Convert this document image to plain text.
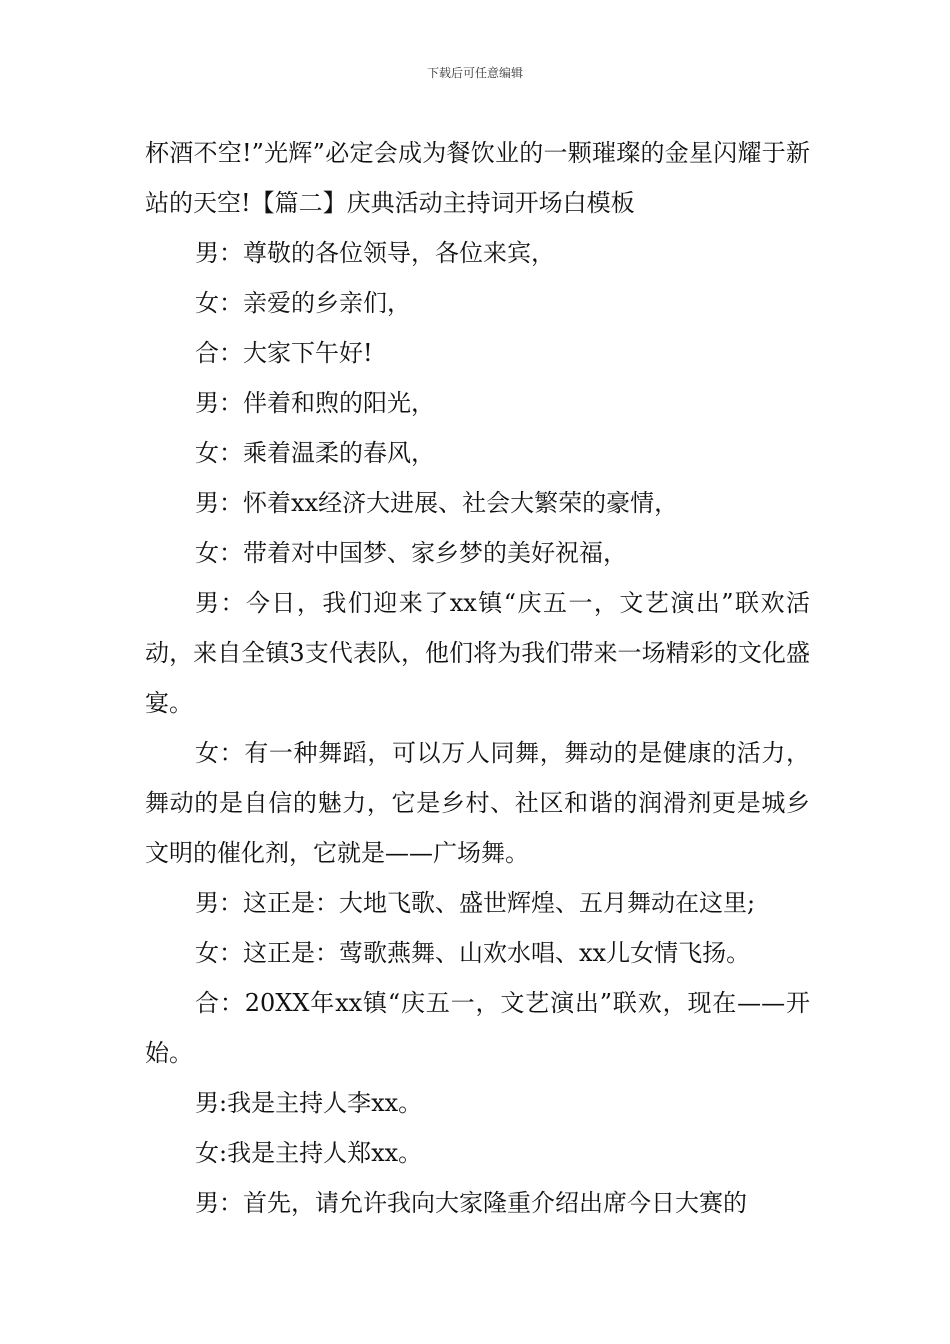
下载后可任意编辑

杯酒不空!”光辉”必定会成为餐饮业的一颗璀璨的金星闪耀于新站的天空!【篇二】庆典活动主持词开场白模板

男：尊敬的各位领导，各位来宾，

女：亲爱的乡亲们，

合：大家下午好!

男：伴着和煦的阳光，

女：乘着温柔的春风，

男：怀着xx经济大进展、社会大繁荣的豪情，

女：带着对中国梦、家乡梦的美好祝福，

男：今日，我们迎来了xx镇“庆五一，文艺演出”联欢活动，来自全镇3支代表队，他们将为我们带来一场精彩的文化盛宴。

女：有一种舞蹈，可以万人同舞，舞动的是健康的活力，舞动的是自信的魅力，它是乡村、社区和谐的润滑剂更是城乡文明的催化剂，它就是——广场舞。

男：这正是：大地飞歌、盛世辉煌、五月舞动在这里;

女：这正是：莺歌燕舞、山欢水唱、xx儿女情飞扬。

合：20XX年xx镇“庆五一，文艺演出”联欢，现在——开始。

男:我是主持人李xx。

女:我是主持人郑xx。

男：首先，请允许我向大家隆重介绍出席今日大赛的
